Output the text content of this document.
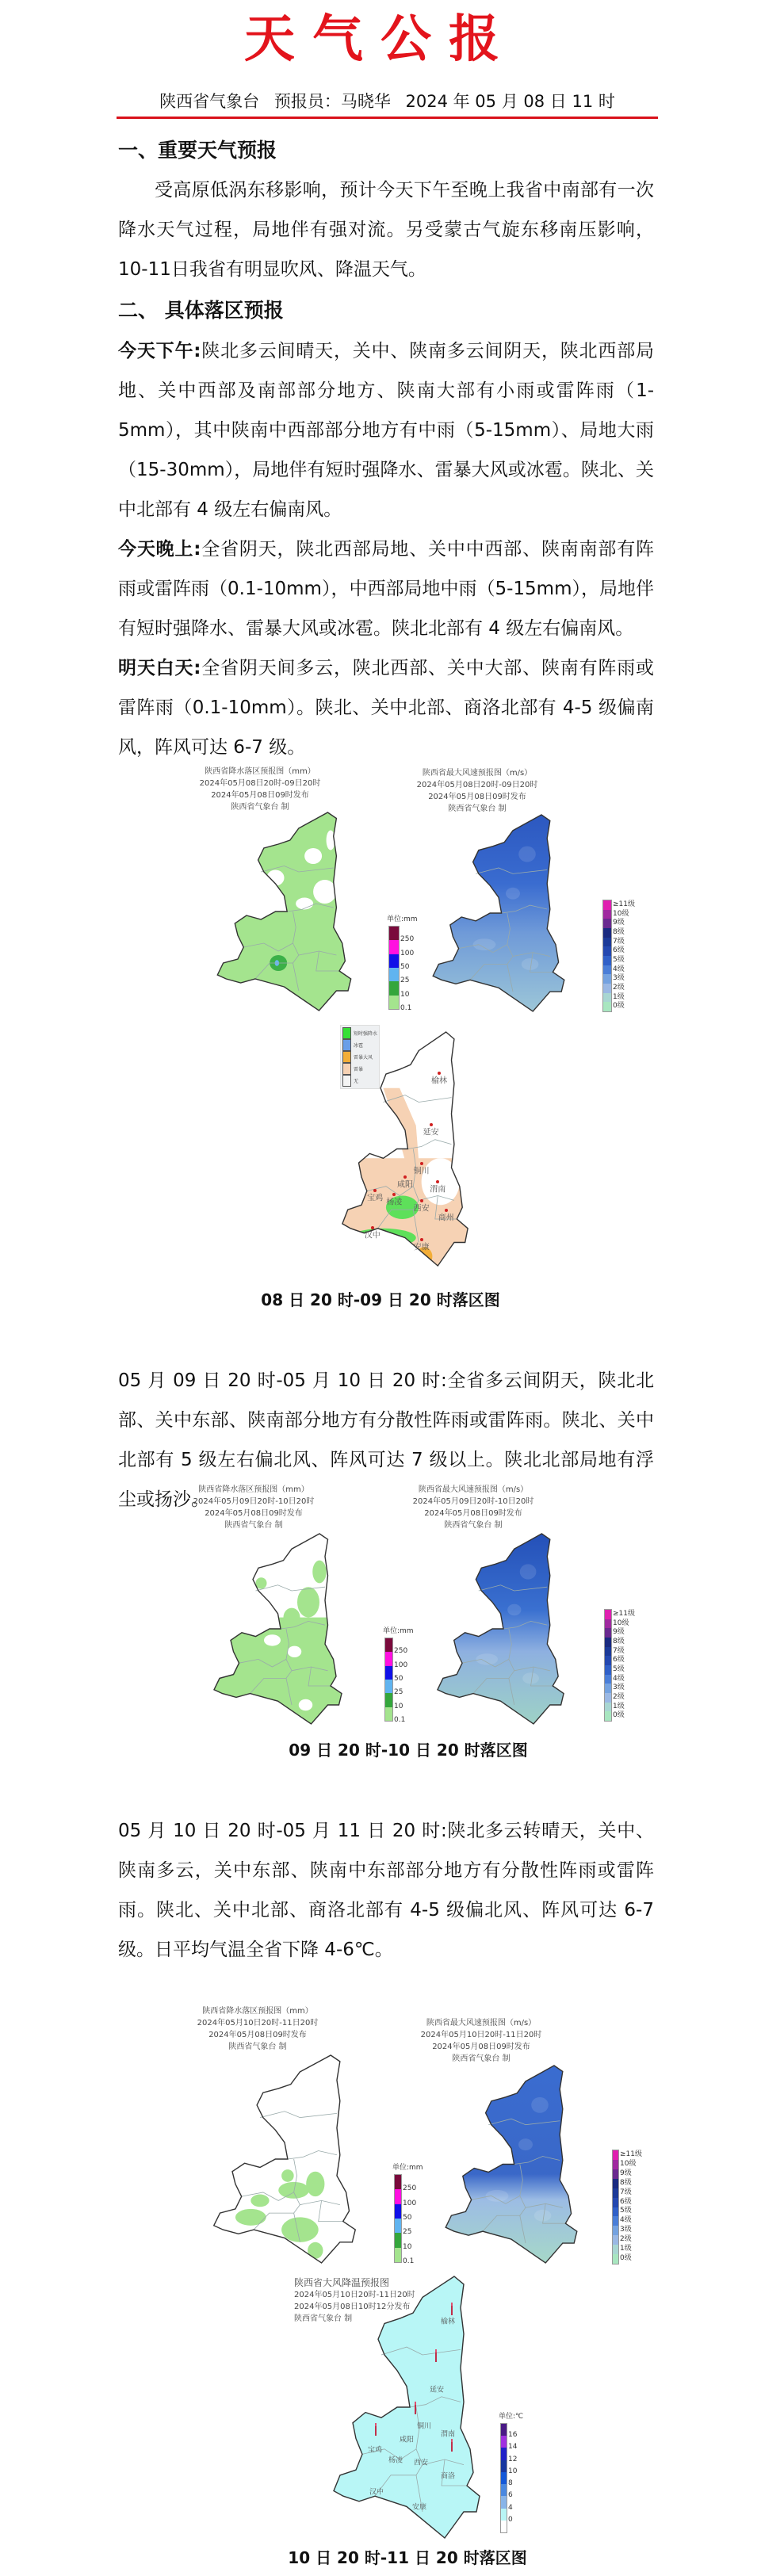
天气公报
陕西省气象台 预报员：马晓华 2024 年 05 月 08 日 11 时
一、重要天气预报
受高原低涡东移影响，预计今天下午至晚上我省中南部有一次降水天气过程，局地伴有强对流。另受蒙古气旋东移南压影响，10-11日我省有明显吹风、降温天气。
二、 具体落区预报
今天下午:陕北多云间晴天，关中、陕南多云间阴天，陕北西部局地、关中西部及南部部分地方、陕南大部有小雨或雷阵雨（1-5mm），其中陕南中西部部分地方有中雨（5-15mm）、局地大雨（15-30mm），局地伴有短时强降水、雷暴大风或冰雹。陕北、关中北部有 4 级左右偏南风。
今天晚上:全省阴天，陕北西部局地、关中中西部、陕南南部有阵雨或雷阵雨（0.1-10mm），中西部局地中雨（5-15mm），局地伴有短时强降水、雷暴大风或冰雹。陕北北部有 4 级左右偏南风。
明天白天:全省阴天间多云，陕北西部、关中大部、陕南有阵雨或雷阵雨（0.1-10mm）。陕北、关中北部、商洛北部有 4-5 级偏南风，阵风可达 6-7 级。
08 日 20 时-09 日 20 时落区图
05 月 09 日 20 时-05 月 10 日 20 时:全省多云间阴天，陕北北部、关中东部、陕南部分地方有分散性阵雨或雷阵雨。陕北、关中北部有 5 级左右偏北风、阵风可达 7 级以上。陕北北部局地有浮尘或扬沙。
09 日 20 时-10 日 20 时落区图
05 月 10 日 20 时-05 月 11 日 20 时:陕北多云转晴天，关中、陕南多云，关中东部、陕南中东部部分地方有分散性阵雨或雷阵雨。陕北、关中北部、商洛北部有 4-5 级偏北风、阵风可达 6-7 级。日平均气温全省下降 4-6℃。
10 日 20 时-11 日 20 时落区图
陕西省降水落区预报图（mm）
2024年05月08日20时-09日20时
2024年05月08日09时发布
陕西省气象台 制
单位:mm
250
100
50
25
10
0.1
陕西省最大风速预报图（m/s）
2024年05月08日20时-09日20时
2024年05月08日09时发布
陕西省气象台 制
≥11级
10级
9级
8级
7级
6级
5级
4级
3级
2级
1级
0级
短时强降水
冰雹
雷暴大风
雷暴
无	榆林
延安
铜川
渭南
宝鸡
杨凌
咸阳
西安
商州
汉中
安康
陕西省降水落区预报图（mm）
2024年05月09日20时-10日20时
2024年05月08日09时发布
陕西省气象台 制
单位:mm
250
100
50
25
10
0.1
陕西省最大风速预报图（m/s）
2024年05月09日20时-10日20时
2024年05月08日09时发布
陕西省气象台 制
≥11级
10级
9级
8级
7级
6级
5级
4级
3级
2级
1级
0级
陕西省降水落区预报图（mm）
2024年05月10日20时-11日20时
2024年05月08日09时发布
陕西省气象台 制
单位:mm
250
100
50
25
10
0.1
陕西省最大风速预报图（m/s）
2024年05月10日20时-11日20时
2024年05月08日09时发布
陕西省气象台 制
≥11级
10级
9级
8级
7级
6级
5级
4级
3级
2级
1级
0级
陕西省大风降温预报图
2024年05月10日20时-11日20时
2024年05月08日10时12分发布
陕西省气象台 制
单位:℃
16
14
12
10
8
6
4
0
榆林
延安
铜川
渭南
咸阳
宝鸡
杨凌 西安
商洛
汉中
安康
